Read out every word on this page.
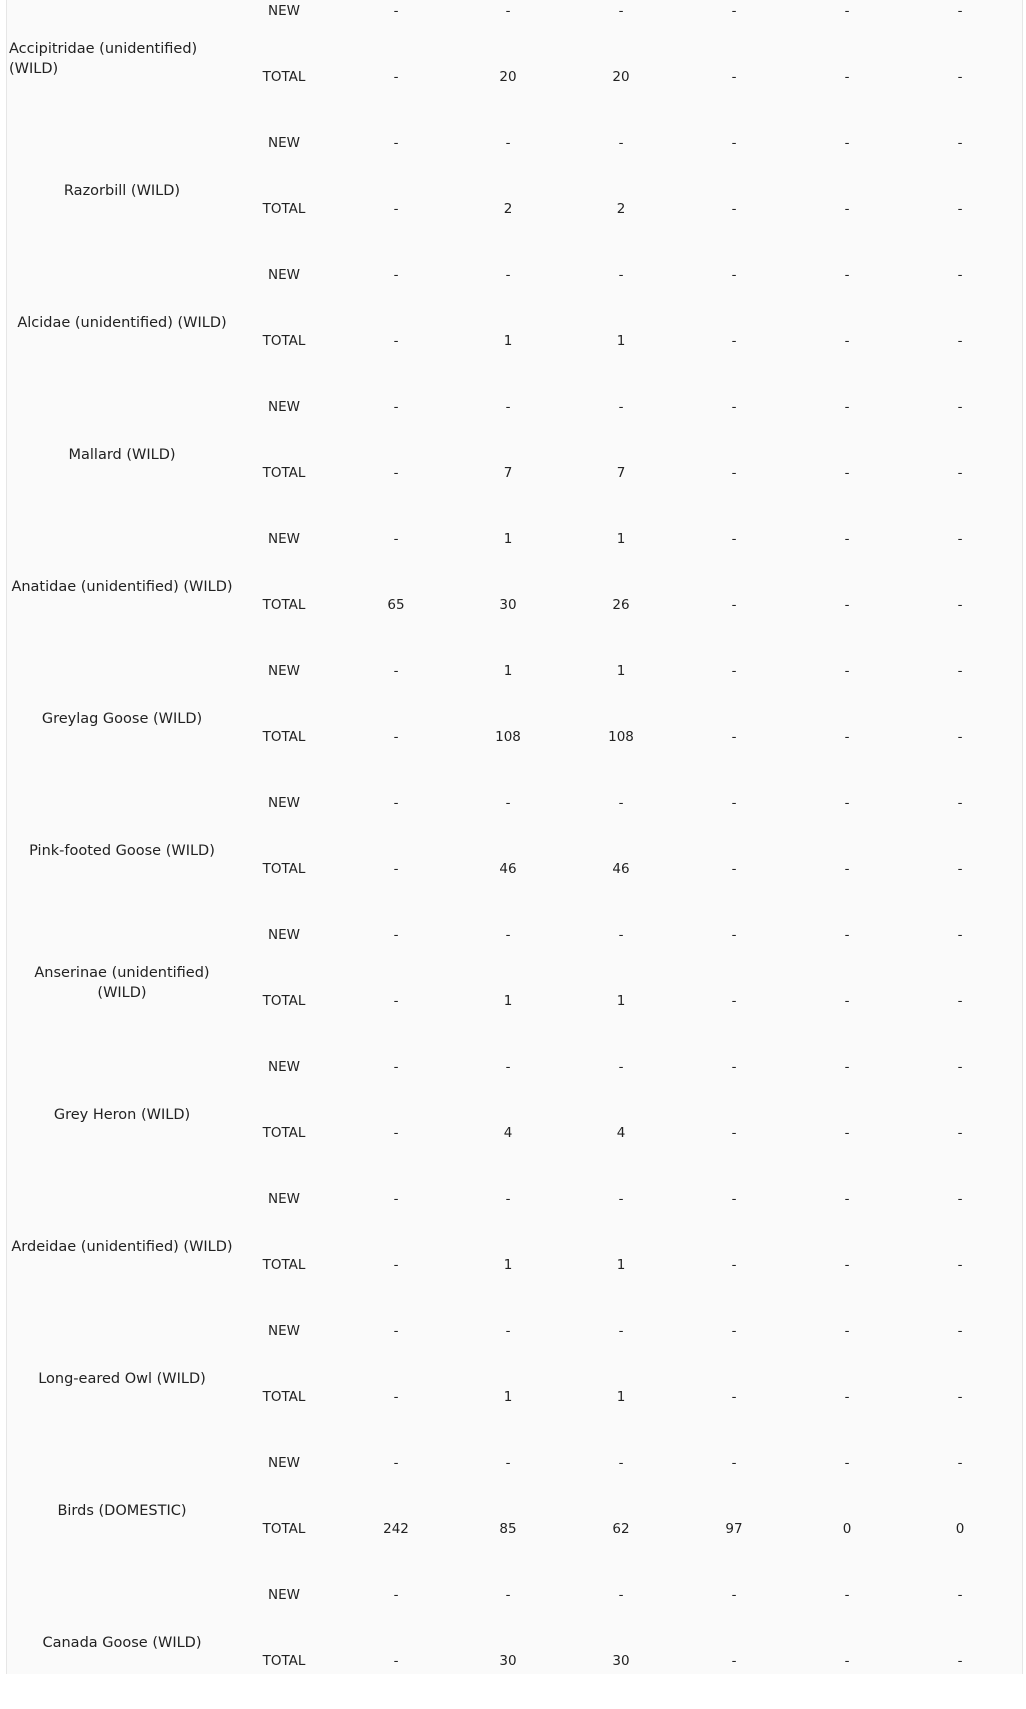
Accipitridae (unidentified) (WILD)
NEW	-	-	-	-	-	-
TOTAL	-	20	20	-	-	-
Razorbill (WILD)
NEW	-	-	-	-	-	-
TOTAL	-	2	2	-	-	-
Alcidae (unidentified) (WILD)
NEW	-	-	-	-	-	-
TOTAL	-	1	1	-	-	-
Mallard (WILD)
NEW	-	-	-	-	-	-
TOTAL	-	7	7	-	-	-
Anatidae (unidentified) (WILD)
NEW	-	1	1	-	-	-
TOTAL	65	30	26	-	-	-
Greylag Goose (WILD)
NEW	-	1	1	-	-	-
TOTAL	-	108	108	-	-	-
Pink-footed Goose (WILD)
NEW	-	-	-	-	-	-
TOTAL	-	46	46	-	-	-
Anserinae (unidentified) (WILD)
NEW	-	-	-	-	-	-
TOTAL	-	1	1	-	-	-
Grey Heron (WILD)
NEW	-	-	-	-	-	-
TOTAL	-	4	4	-	-	-
Ardeidae (unidentified) (WILD)
NEW	-	-	-	-	-	-
TOTAL	-	1	1	-	-	-
Long-eared Owl (WILD)
NEW	-	-	-	-	-	-
TOTAL	-	1	1	-	-	-
Birds (DOMESTIC)
NEW	-	-	-	-	-	-
TOTAL	242	85	62	97	0	0
Canada Goose (WILD)
NEW	-	-	-	-	-	-
TOTAL	-	30	30	-	-	-
